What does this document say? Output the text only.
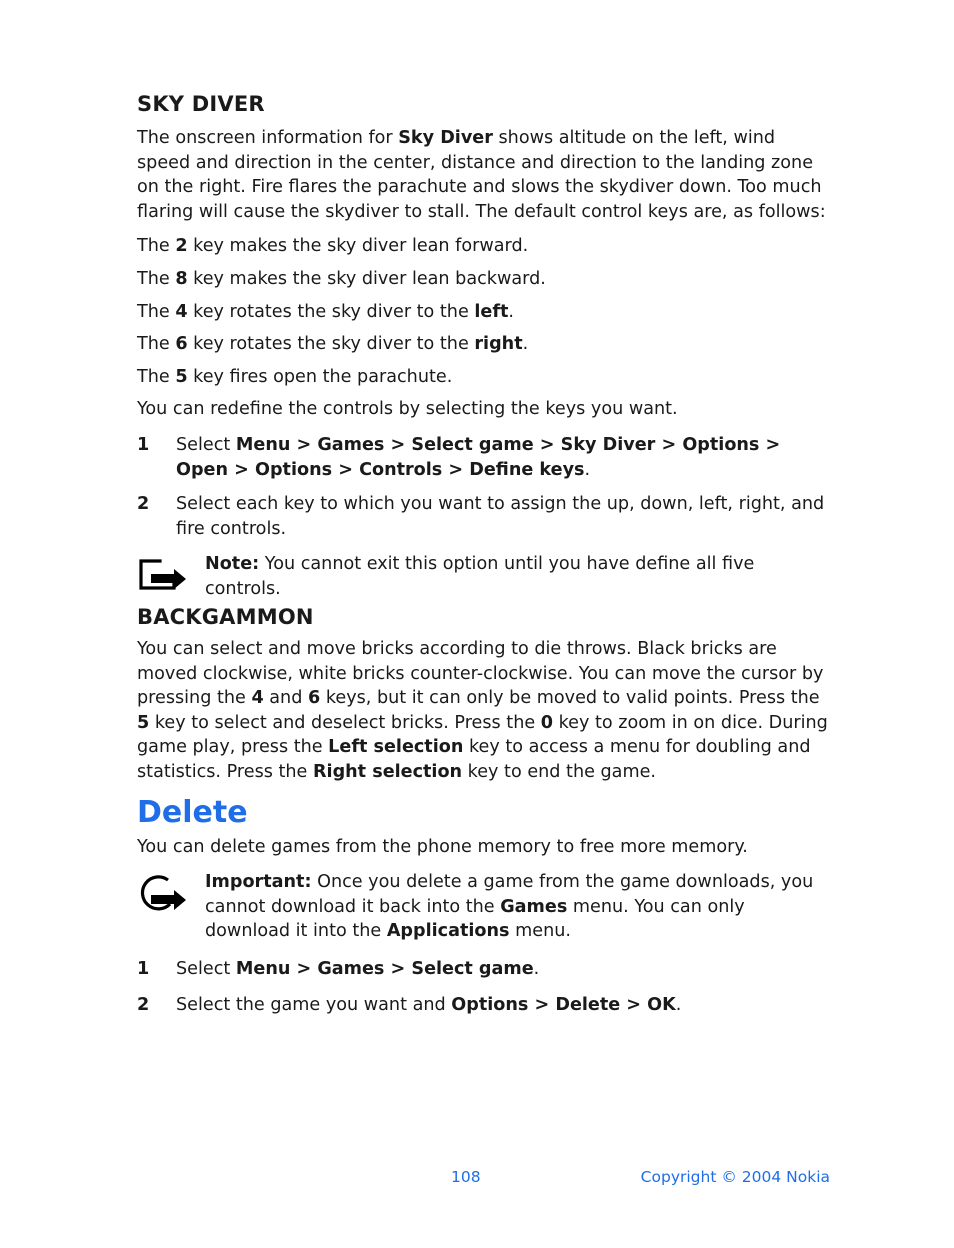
SKY DIVER
The onscreen information for Sky Diver shows altitude on the left, wind speed and direction in the center, distance and direction to the landing zone on the right. Fire flares the parachute and slows the skydiver down. Too much flaring will cause the skydiver to stall. The default control keys are, as follows:
The 2 key makes the sky diver lean forward.
The 8 key makes the sky diver lean backward.
The 4 key rotates the sky diver to the left.
The 6 key rotates the sky diver to the right.
The 5 key fires open the parachute.
You can redefine the controls by selecting the keys you want.
1	Select Menu > Games > Select game > Sky Diver > Options > Open > Options > Controls > Define keys.
2	Select each key to which you want to assign the up, down, left, right, and fire controls.
Note: You cannot exit this option until you have define all five controls.
BACKGAMMON
You can select and move bricks according to die throws. Black bricks are moved clockwise, white bricks counter-clockwise. You can move the cursor by pressing the 4 and 6 keys, but it can only be moved to valid points. Press the 5 key to select and deselect bricks. Press the 0 key to zoom in on dice. During game play, press the Left selection key to access a menu for doubling and statistics. Press the Right selection key to end the game.
Delete
You can delete games from the phone memory to free more memory.
Important: Once you delete a game from the game downloads, you cannot download it back into the Games menu. You can only download it into the Applications menu.
1	Select Menu > Games > Select game.
2	Select the game you want and Options > Delete > OK.
108	Copyright © 2004 Nokia
